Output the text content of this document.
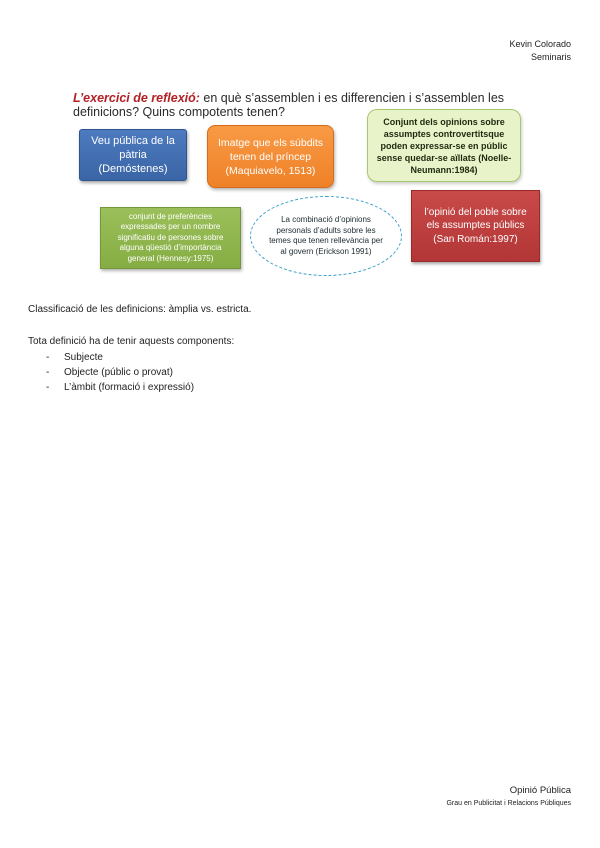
Kevin Colorado
Seminaris
L’exercici de reflexió: en què s’assemblen i es differencien i s’assemblen les definicions? Quins compotents tenen?
Veu pública de la pàtria (Demóstenes)
Imatge que els súbdits tenen del príncep (Maquiavelo, 1513)
Conjunt dels opinions sobre assumptes controvertitsque poden expressar-se en públic sense quedar-se aïllats (Noelle-Neumann:1984)
conjunt de preferències expressades per un nombre significatiu de persones sobre alguna qüestió d’importància general (Hennesy:1975)
La combinació d’opinions personals d’adults sobre les temes que tenen rellevància per al govern (Erickson 1991)
l’opinió del poble sobre els assumptes públics (San Román:1997)

Classificació de les definicions: àmplia vs. estricta.

Tota definició ha de tenir aquests components:

- Subjecte
- Objecte (públic o provat)
- L’àmbit (formació i expressió)
Opinió Pública
Grau en Publicitat i Relacions Públiques
